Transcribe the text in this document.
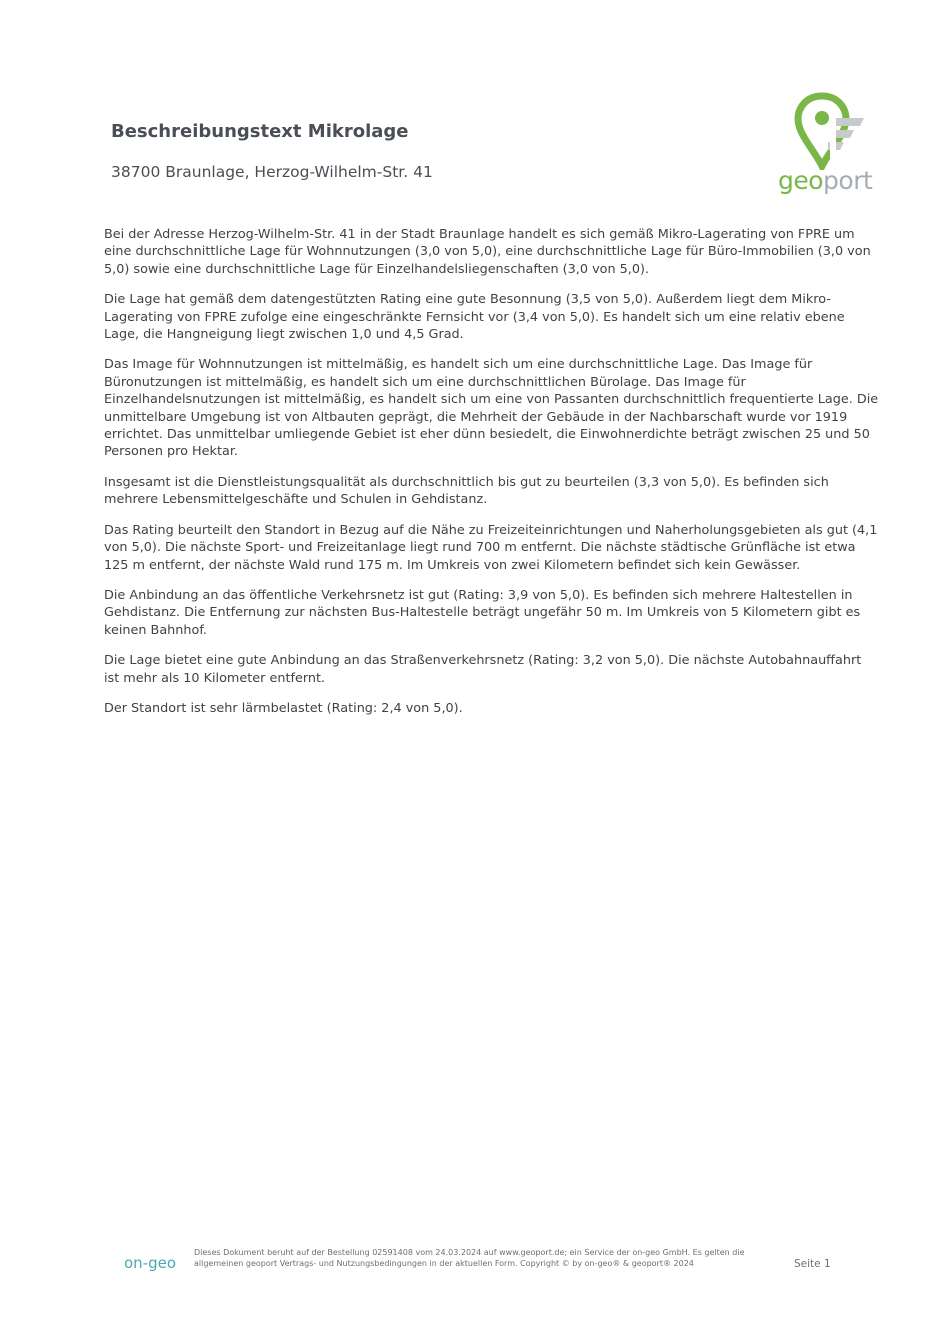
Beschreibungstext Mikrolage

38700 Braunlage, Herzog-Wilhelm-Str. 41	geoport

Bei der Adresse Herzog-Wilhelm-Str. 41 in der Stadt Braunlage handelt es sich gemäß Mikro-Lagerating von FPRE um eine durchschnittliche Lage für Wohnnutzungen (3,0 von 5,0), eine durchschnittliche Lage für Büro-Immobilien (3,0 von 5,0) sowie eine durchschnittliche Lage für Einzelhandelsliegenschaften (3,0 von 5,0).

Die Lage hat gemäß dem datengestützten Rating eine gute Besonnung (3,5 von 5,0). Außerdem liegt dem Mikro-Lagerating von FPRE zufolge eine eingeschränkte Fernsicht vor (3,4 von 5,0). Es handelt sich um eine relativ ebene Lage, die Hangneigung liegt zwischen 1,0 und 4,5 Grad.

Das Image für Wohnnutzungen ist mittelmäßig, es handelt sich um eine durchschnittliche Lage. Das Image für Büronutzungen ist mittelmäßig, es handelt sich um eine durchschnittlichen Bürolage. Das Image für Einzelhandelsnutzungen ist mittelmäßig, es handelt sich um eine von Passanten durchschnittlich frequentierte Lage. Die unmittelbare Umgebung ist von Altbauten geprägt, die Mehrheit der Gebäude in der Nachbarschaft wurde vor 1919 errichtet. Das unmittelbar umliegende Gebiet ist eher dünn besiedelt, die Einwohnerdichte beträgt zwischen 25 und 50 Personen pro Hektar.

Insgesamt ist die Dienstleistungsqualität als durchschnittlich bis gut zu beurteilen (3,3 von 5,0). Es befinden sich mehrere Lebensmittelgeschäfte und Schulen in Gehdistanz.

Das Rating beurteilt den Standort in Bezug auf die Nähe zu Freizeiteinrichtungen und Naherholungsgebieten als gut (4,1 von 5,0). Die nächste Sport- und Freizeitanlage liegt rund 700 m entfernt. Die nächste städtische Grünfläche ist etwa 125 m entfernt, der nächste Wald rund 175 m. Im Umkreis von zwei Kilometern befindet sich kein Gewässer.

Die Anbindung an das öffentliche Verkehrsnetz ist gut (Rating: 3,9 von 5,0). Es befinden sich mehrere Haltestellen in Gehdistanz. Die Entfernung zur nächsten Bus-Haltestelle beträgt ungefähr 50 m. Im Umkreis von 5 Kilometern gibt es keinen Bahnhof.

Die Lage bietet eine gute Anbindung an das Straßenverkehrsnetz (Rating: 3,2 von 5,0). Die nächste Autobahnauffahrt ist mehr als 10 Kilometer entfernt.

Der Standort ist sehr lärmbelastet (Rating: 2,4 von 5,0).

on-geo
Dieses Dokument beruht auf der Bestellung 02591408 vom 24.03.2024 auf www.geoport.de; ein Service der on-geo GmbH. Es gelten die allgemeinen geoport Vertrags- und Nutzungsbedingungen in der aktuellen Form. Copyright © by on-geo® & geoport® 2024	Seite 1
